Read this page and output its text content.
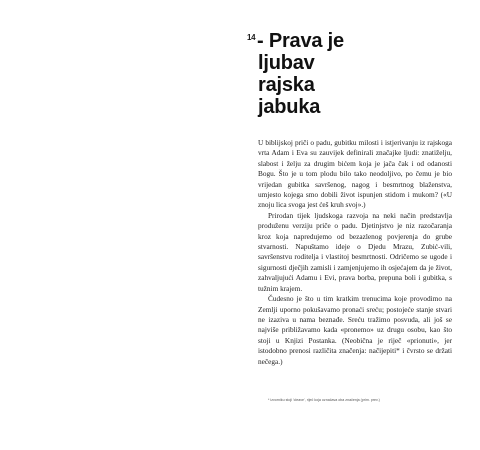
14 - Prava je
ljubav
rajska
jabuka

U biblijskoj priči o padu, gubitku milosti i istjerivanju iz rajskoga vrta Adam i Eva su zauvijek definirali značajke ljudi: znatiželju, slabost i želju za drugim bićem koja je jača čak i od odanosti Bogu. Što je u tom plodu bilo tako neodoljivo, po čemu je bio vrijedan gubitka savršenog, nagog i besmrtnog blaženstva, umjesto kojega smo dobili život ispunjen stidom i mukom? («U znoju lica svoga jest ćeš kruh svoj».)

Prirodan tijek ljudskoga razvoja na neki način predstavlja produženu verziju priče o padu. Djetinjstvo je niz razočaranja kroz koja napredujemo od bezazlenog povjerenja do grube stvarnosti. Napuštamo ideje o Djedu Mrazu, Zubić-vili, savršenstvu roditelja i vlastitoj besmrtnosti. Odričemo se ugode i sigurnosti dječjih zamisli i zamjenjujemo ih osjećajem da je život, zahvaljujući Adamu i Evi, prava borba, prepuna boli i gubitka, s tužnim krajem.

Čudesno je što u tim kratkim trenucima koje provodimo na Zemlji uporno pokušavamo pronaći sreću; postojeće stanje stvari ne izaziva u nama beznađe. Sreću tražimo posvuda, ali još se najviše približavamo kada «pronemo» uz drugu osobu, kao što stoji u Knjizi Postanka. (Neobična je riječ «prionuti», jer istodobno prenosi različita značenja: načijepiti* i čvrsto se držati nečega.)

* izvorniku stoji 'cleave', riječ koja označava oba značenja (prim. prev.)
